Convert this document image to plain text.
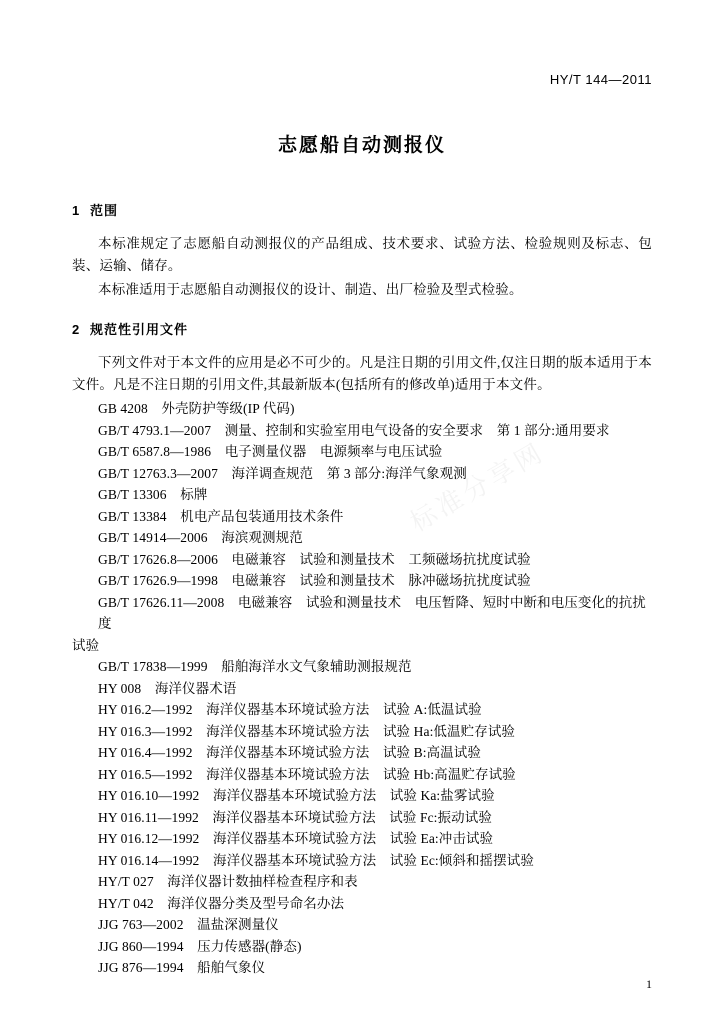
标准分享网
HY/T 144—2011
志愿船自动测报仪
1 范围

本标准规定了志愿船自动测报仪的产品组成、技术要求、试验方法、检验规则及标志、包装、运输、储存。

本标准适用于志愿船自动测报仪的设计、制造、出厂检验及型式检验。

2 规范性引用文件

下列文件对于本文件的应用是必不可少的。凡是注日期的引用文件,仅注日期的版本适用于本文件。凡是不注日期的引用文件,其最新版本(包括所有的修改单)适用于本文件。

GB 4208　外壳防护等级(IP 代码)
GB/T 4793.1—2007　测量、控制和实验室用电气设备的安全要求　第 1 部分:通用要求
GB/T 6587.8—1986　电子测量仪器　电源频率与电压试验
GB/T 12763.3—2007　海洋调查规范　第 3 部分:海洋气象观测
GB/T 13306　标牌
GB/T 13384　机电产品包装通用技术条件
GB/T 14914—2006　海滨观测规范
GB/T 17626.8—2006　电磁兼容　试验和测量技术　工频磁场抗扰度试验
GB/T 17626.9—1998　电磁兼容　试验和测量技术　脉冲磁场抗扰度试验
GB/T 17626.11—2008　电磁兼容　试验和测量技术　电压暂降、短时中断和电压变化的抗扰度
试验
GB/T 17838—1999　船舶海洋水文气象辅助测报规范
HY 008　海洋仪器术语
HY 016.2—1992　海洋仪器基本环境试验方法　试验 A:低温试验
HY 016.3—1992　海洋仪器基本环境试验方法　试验 Ha:低温贮存试验
HY 016.4—1992　海洋仪器基本环境试验方法　试验 B:高温试验
HY 016.5—1992　海洋仪器基本环境试验方法　试验 Hb:高温贮存试验
HY 016.10—1992　海洋仪器基本环境试验方法　试验 Ka:盐雾试验
HY 016.11—1992　海洋仪器基本环境试验方法　试验 Fc:振动试验
HY 016.12—1992　海洋仪器基本环境试验方法　试验 Ea:冲击试验
HY 016.14—1992　海洋仪器基本环境试验方法　试验 Ec:倾斜和摇摆试验
HY/T 027　海洋仪器计数抽样检查程序和表
HY/T 042　海洋仪器分类及型号命名办法
JJG 763—2002　温盐深测量仪
JJG 860—1994　压力传感器(静态)
JJG 876—1994　船舶气象仪
1
